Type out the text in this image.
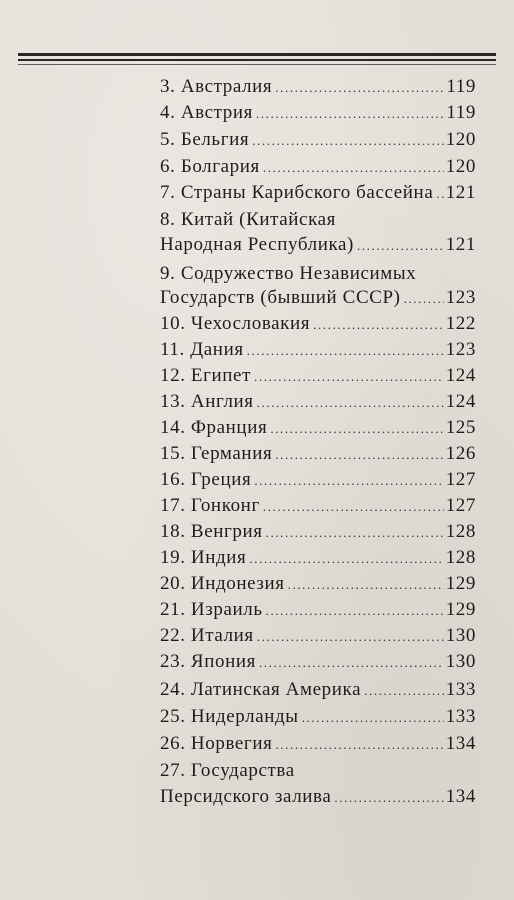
3. Австралия .....	119
4. Австрия .....	119
5. Бельгия .....	120
6. Болгария .....	120
7. Страны Карибского бассейна ..... 121
8. Китай (Китайская
Народная Республика) .....	121
9. Содружество Независимых
Государств (бывший СССР) ..... 123
10. Чехословакия .....	122
11. Дания .....	123
12. Египет .....	124
13. Англия .....	124
14. Франция .....	125
15. Германия .....	126
16. Греция .....	127
17. Гонконг .....	127
18. Венгрия .....	128
19. Индия .....	128
20. Индонезия .....	129
21. Израиль .....	129
22. Италия .....	130
23. Япония .....	130
24. Латинская Америка .....	133
25. Нидерланды .....	133
26. Норвегия .....	134
27. Государства
Персидского залива .....	134
